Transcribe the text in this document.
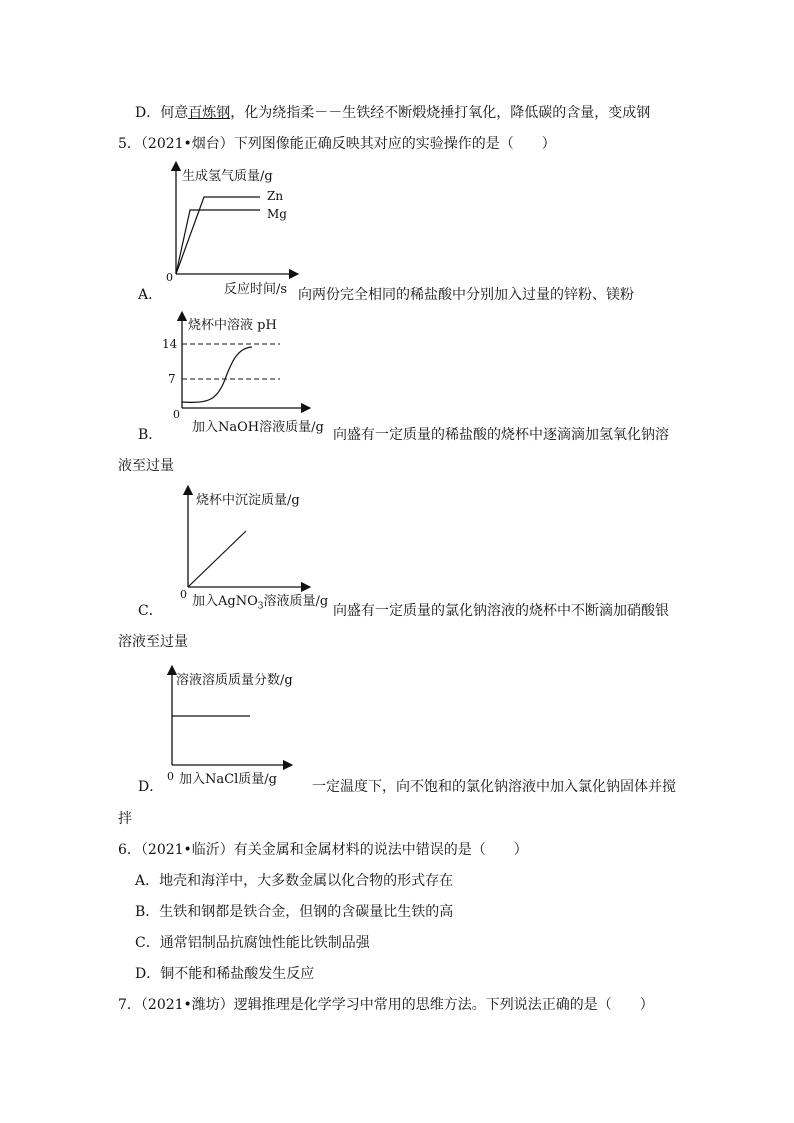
D．何意百炼钢，化为绕指柔－－生铁经不断煅烧捶打氧化，降低碳的含量，变成钢
5．（2021•烟台）下列图像能正确反映其对应的实验操作的是（　　）
生成氢气质量/g
0
Zn
Mg
反应时间/s
A．	向两份完全相同的稀盐酸中分别加入过量的锌粉、镁粉
烧杯中溶液 pH
14
7
0
加入NaOH溶液质量/g
B．	向盛有一定质量的稀盐酸的烧杯中逐滴滴加氢氧化钠溶
液至过量
烧杯中沉淀质量/g
0 加入AgNO$_3$溶液质量/g
C．	向盛有一定质量的氯化钠溶液的烧杯中不断滴加硝酸银
溶液至过量
溶液溶质质量分数/g
0 加入NaCl质量/g
D．	一定温度下，向不饱和的氯化钠溶液中加入氯化钠固体并搅
拌
6．（2021•临沂）有关金属和金属材料的说法中错误的是（　　）
A．地壳和海洋中，大多数金属以化合物的形式存在
B．生铁和钢都是铁合金，但钢的含碳量比生铁的高
C．通常铝制品抗腐蚀性能比铁制品强
D．铜不能和稀盐酸发生反应
7．（2021•潍坊）逻辑推理是化学学习中常用的思维方法。下列说法正确的是（　　）
